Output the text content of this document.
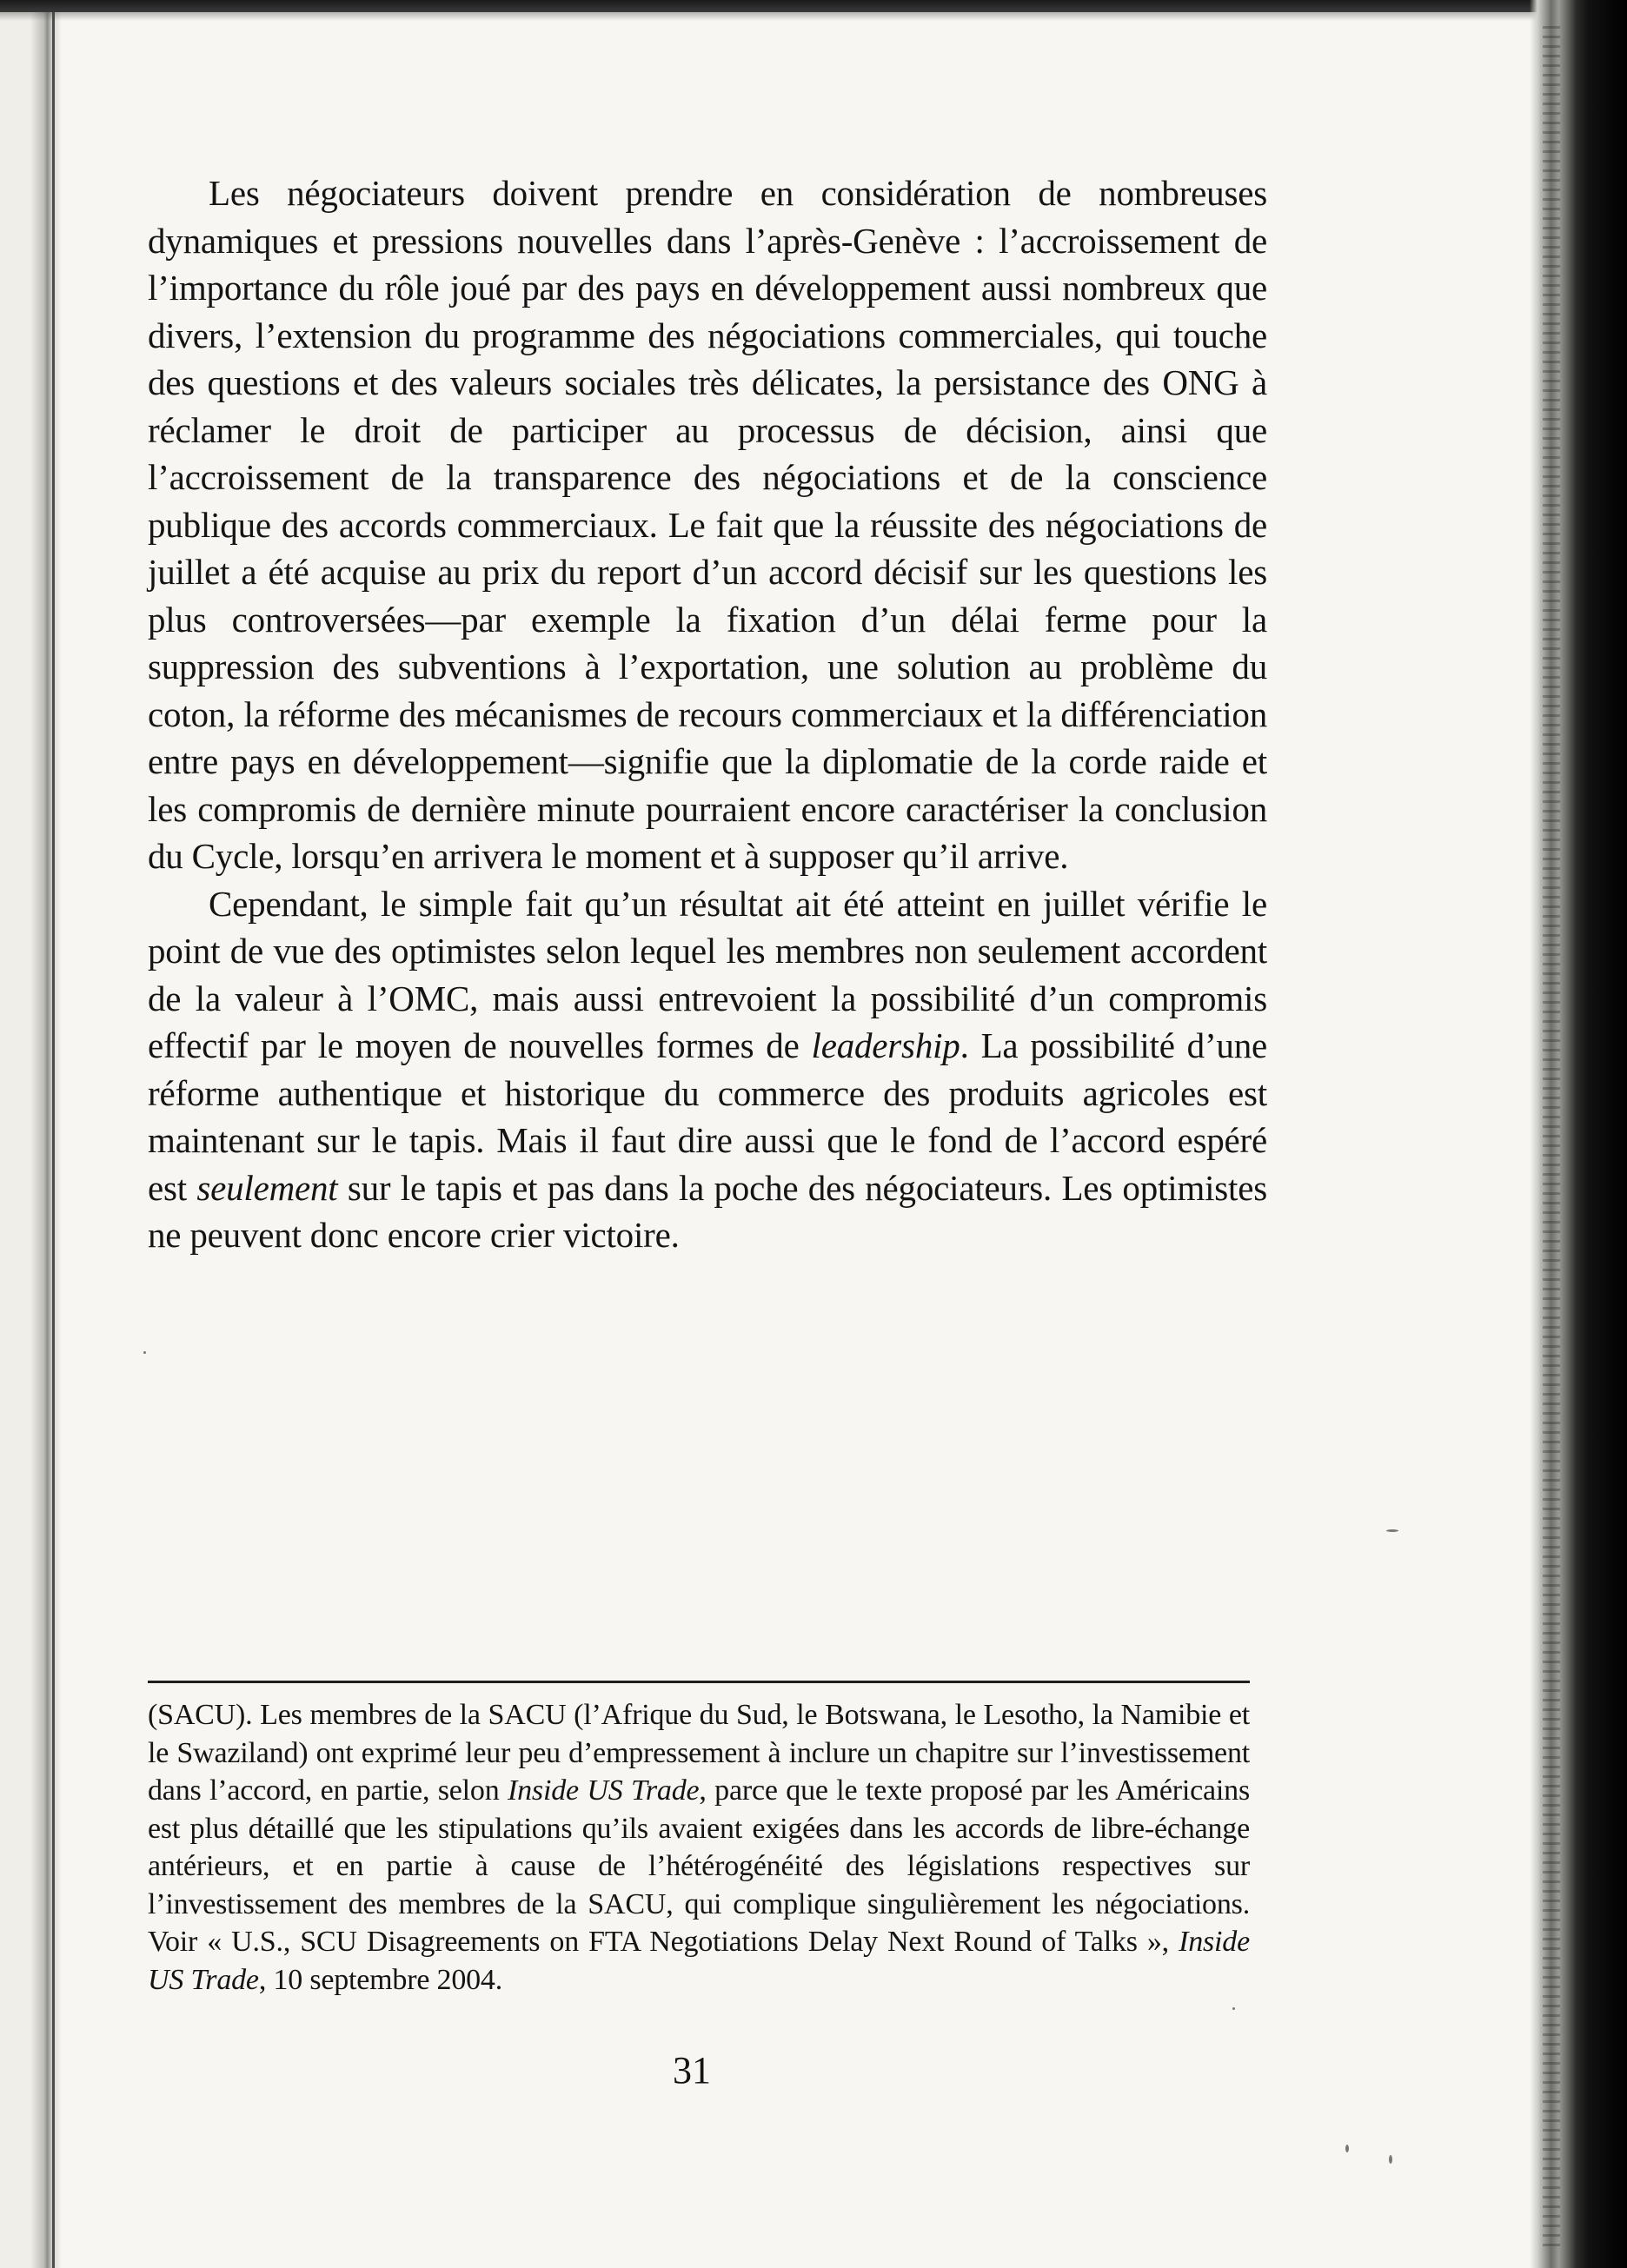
Les négociateurs doivent prendre en considération de nombreuses dynamiques et pressions nouvelles dans l’après-Genève : l’accroissement de l’importance du rôle joué par des pays en développement aussi nombreux que divers, l’extension du programme des négociations commerciales, qui touche des questions et des valeurs sociales très délicates, la persistance des ONG à réclamer le droit de participer au processus de décision, ainsi que l’accroissement de la transparence des négociations et de la conscience publique des accords commerciaux. Le fait que la réussite des négociations de juillet a été acquise au prix du report d’un accord décisif sur les questions les plus controversées—par exemple la fixation d’un délai ferme pour la suppression des subventions à l’exportation, une solution au problème du coton, la réforme des mécanismes de recours commerciaux et la différenciation entre pays en développement—signifie que la diplomatie de la corde raide et les compromis de dernière minute pourraient encore caractériser la conclusion du Cycle, lorsqu’en arrivera le moment et à supposer qu’il arrive.

Cependant, le simple fait qu’un résultat ait été atteint en juillet vérifie le point de vue des optimistes selon lequel les membres non seulement accordent de la valeur à l’OMC, mais aussi entrevoient la possibilité d’un compromis effectif par le moyen de nouvelles formes de leadership. La possibilité d’une réforme authentique et historique du commerce des produits agricoles est maintenant sur le tapis. Mais il faut dire aussi que le fond de l’accord espéré est seulement sur le tapis et pas dans la poche des négociateurs. Les optimistes ne peuvent donc encore crier victoire.

(SACU). Les membres de la SACU (l’Afrique du Sud, le Botswana, le Lesotho, la Namibie et le Swaziland) ont exprimé leur peu d’empressement à inclure un chapitre sur l’investissement dans l’accord, en partie, selon Inside US Trade, parce que le texte proposé par les Américains est plus détaillé que les stipulations qu’ils avaient exigées dans les accords de libre-échange antérieurs, et en partie à cause de l’hétérogénéité des législations respectives sur l’investissement des membres de la SACU, qui complique singulièrement les négociations. Voir « U.S., SCU Disagreements on FTA Negotiations Delay Next Round of Talks », Inside US Trade, 10 septembre 2004.

31
